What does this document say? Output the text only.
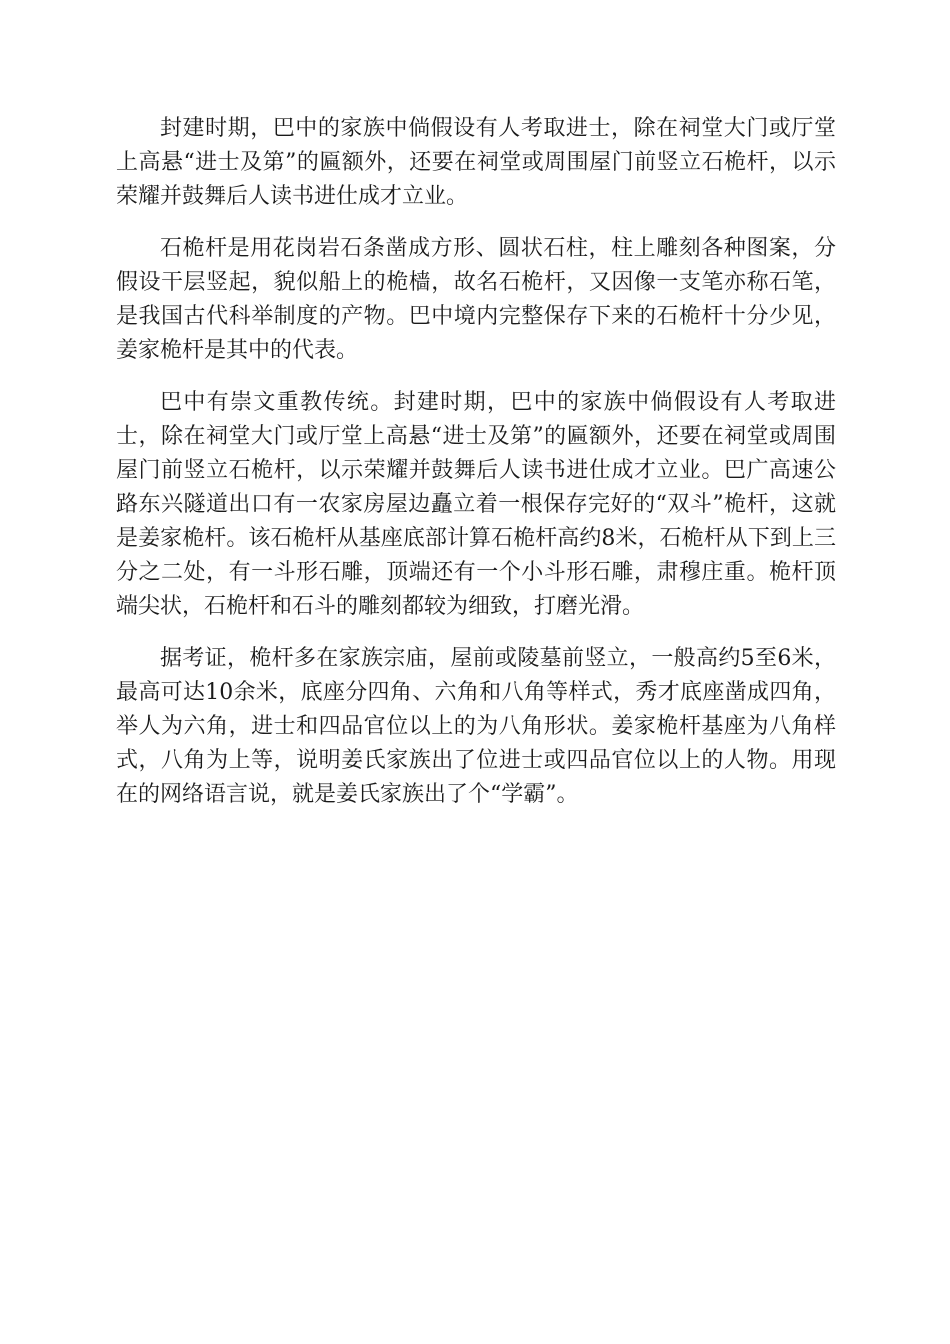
封建时期，巴中的家族中倘假设有人考取进士，除在祠堂大门或厅堂上高悬“进士及第”的匾额外，还要在祠堂或周围屋门前竖立石桅杆，以示荣耀并鼓舞后人读书进仕成才立业。

石桅杆是用花岗岩石条凿成方形、圆状石柱，柱上雕刻各种图案，分假设干层竖起，貌似船上的桅樯，故名石桅杆，又因像一支笔亦称石笔，是我国古代科举制度的产物。巴中境内完整保存下来的石桅杆十分少见，姜家桅杆是其中的代表。

巴中有崇文重教传统。封建时期，巴中的家族中倘假设有人考取进士，除在祠堂大门或厅堂上高悬“进士及第”的匾额外，还要在祠堂或周围屋门前竖立石桅杆，以示荣耀并鼓舞后人读书进仕成才立业。巴广高速公路东兴隧道出口有一农家房屋边矗立着一根保存完好的“双斗”桅杆，这就是姜家桅杆。该石桅杆从基座底部计算石桅杆高约8米，石桅杆从下到上三分之二处，有一斗形石雕，顶端还有一个小斗形石雕，肃穆庄重。桅杆顶端尖状，石桅杆和石斗的雕刻都较为细致，打磨光滑。

据考证，桅杆多在家族宗庙，屋前或陵墓前竖立，一般高约5至6米，最高可达10余米，底座分四角、六角和八角等样式，秀才底座凿成四角，举人为六角，进士和四品官位以上的为八角形状。姜家桅杆基座为八角样式，八角为上等，说明姜氏家族出了位进士或四品官位以上的人物。用现在的网络语言说，就是姜氏家族出了个“学霸”。
